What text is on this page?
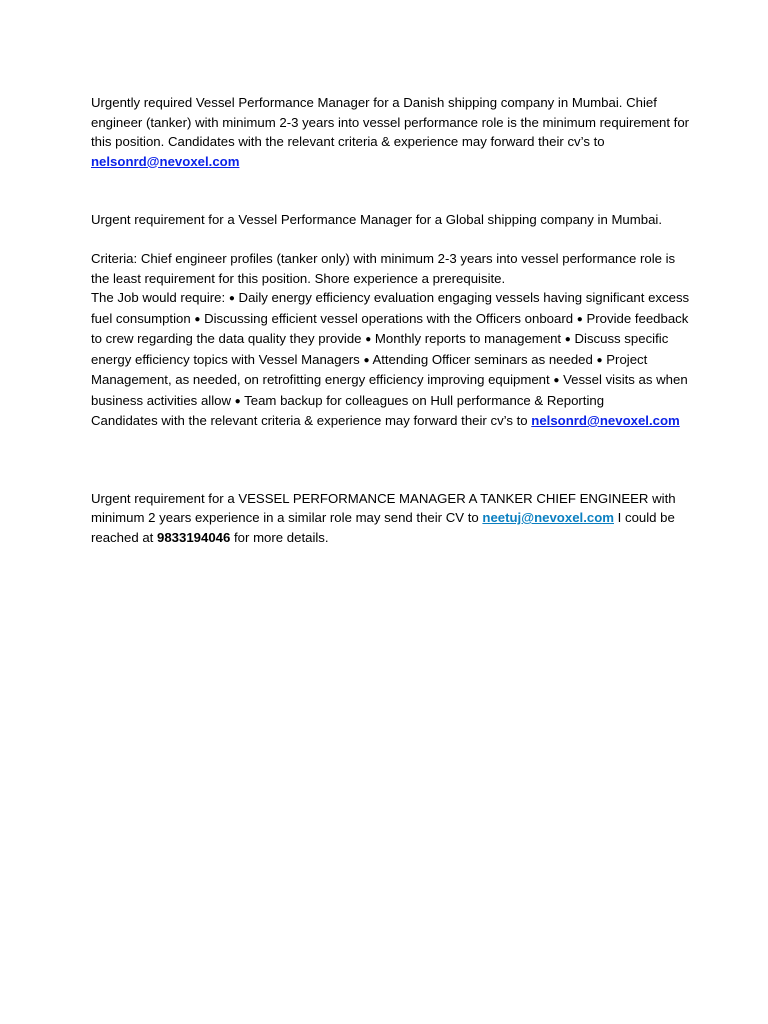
Urgently required Vessel Performance Manager for a Danish shipping company in Mumbai. Chief engineer (tanker) with minimum 2-3 years into vessel performance role is the minimum requirement for this position. Candidates with the relevant criteria & experience may forward their cv’s to
nelsonrd@nevoxel.com

Urgent requirement for a Vessel Performance Manager for a Global shipping company in Mumbai.

Criteria: Chief engineer profiles (tanker only) with minimum 2-3 years into vessel performance role is the least requirement for this position. Shore experience a prerequisite.

The Job would require: ● Daily energy efficiency evaluation engaging vessels having significant excess fuel consumption ● Discussing efficient vessel operations with the Officers onboard ● Provide feedback to crew regarding the data quality they provide ● Monthly reports to management ● Discuss specific energy efficiency topics with Vessel Managers ● Attending Officer seminars as needed ● Project Management, as needed, on retrofitting energy efficiency improving equipment ● Vessel visits as when business activities allow ● Team backup for colleagues on Hull performance & Reporting

Candidates with the relevant criteria & experience may forward their cv’s to nelsonrd@nevoxel.com

Urgent requirement for a VESSEL PERFORMANCE MANAGER A TANKER CHIEF ENGINEER with minimum 2 years experience in a similar role may send their CV to neetuj@nevoxel.com I could be reached at 9833194046 for more details.
